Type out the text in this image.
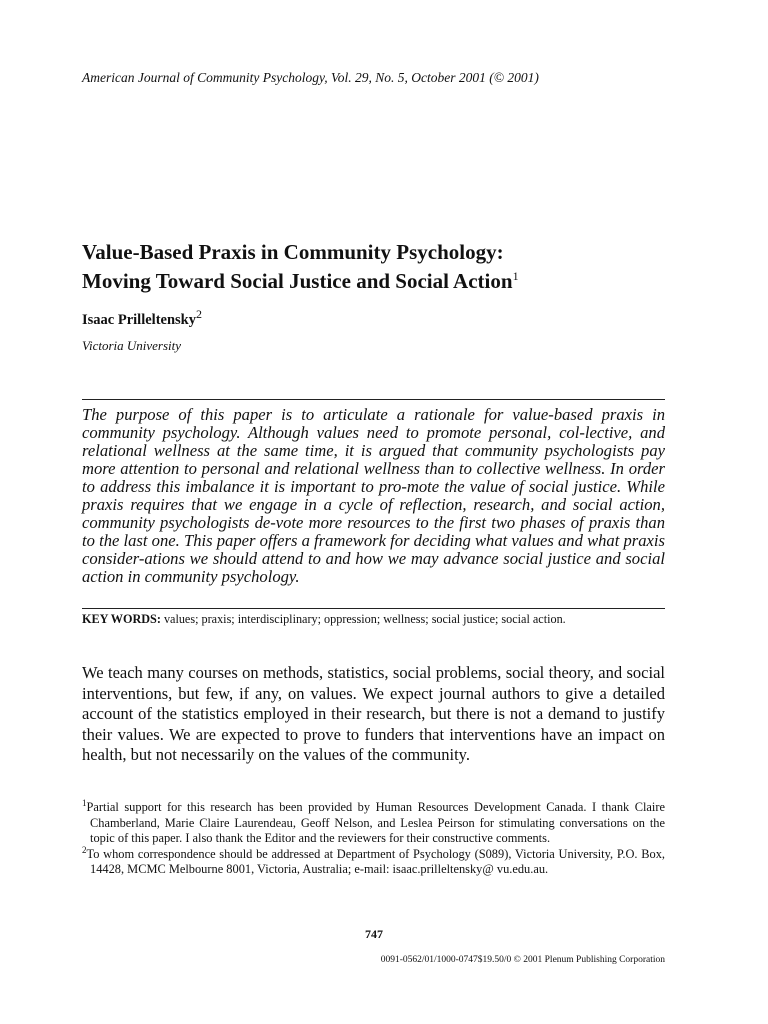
American Journal of Community Psychology, Vol. 29, No. 5, October 2001 (© 2001)
Value-Based Praxis in Community Psychology:
Moving Toward Social Justice and Social Action$^1$
Isaac Prilleltensky$^2$
Victoria University
The purpose of this paper is to articulate a rationale for value-based praxis in community psychology. Although values need to promote personal, col-lective, and relational wellness at the same time, it is argued that community psychologists pay more attention to personal and relational wellness than to collective wellness. In order to address this imbalance it is important to pro-mote the value of social justice. While praxis requires that we engage in a cycle of reflection, research, and social action, community psychologists de-vote more resources to the first two phases of praxis than to the last one. This paper offers a framework for deciding what values and what praxis consider-ations we should attend to and how we may advance social justice and social action in community psychology.
KEY WORDS: values; praxis; interdisciplinary; oppression; wellness; social justice; social action.
We teach many courses on methods, statistics, social problems, social theory, and social interventions, but few, if any, on values. We expect journal authors to give a detailed account of the statistics employed in their research, but there is not a demand to justify their values. We are expected to prove to funders that interventions have an impact on health, but not necessarily on the values of the community.
$^1$Partial support for this research has been provided by Human Resources Development Canada. I thank Claire Chamberland, Marie Claire Laurendeau, Geoff Nelson, and Leslea Peirson for stimulating conversations on the topic of this paper. I also thank the Editor and the reviewers for their constructive comments.
$^2$To whom correspondence should be addressed at Department of Psychology (S089), Victoria University, P.O. Box, 14428, MCMC Melbourne 8001, Victoria, Australia; e-mail: isaac.prilleltensky@ vu.edu.au.
747
0091-0562/01/1000-0747$19.50/0 © 2001 Plenum Publishing Corporation
